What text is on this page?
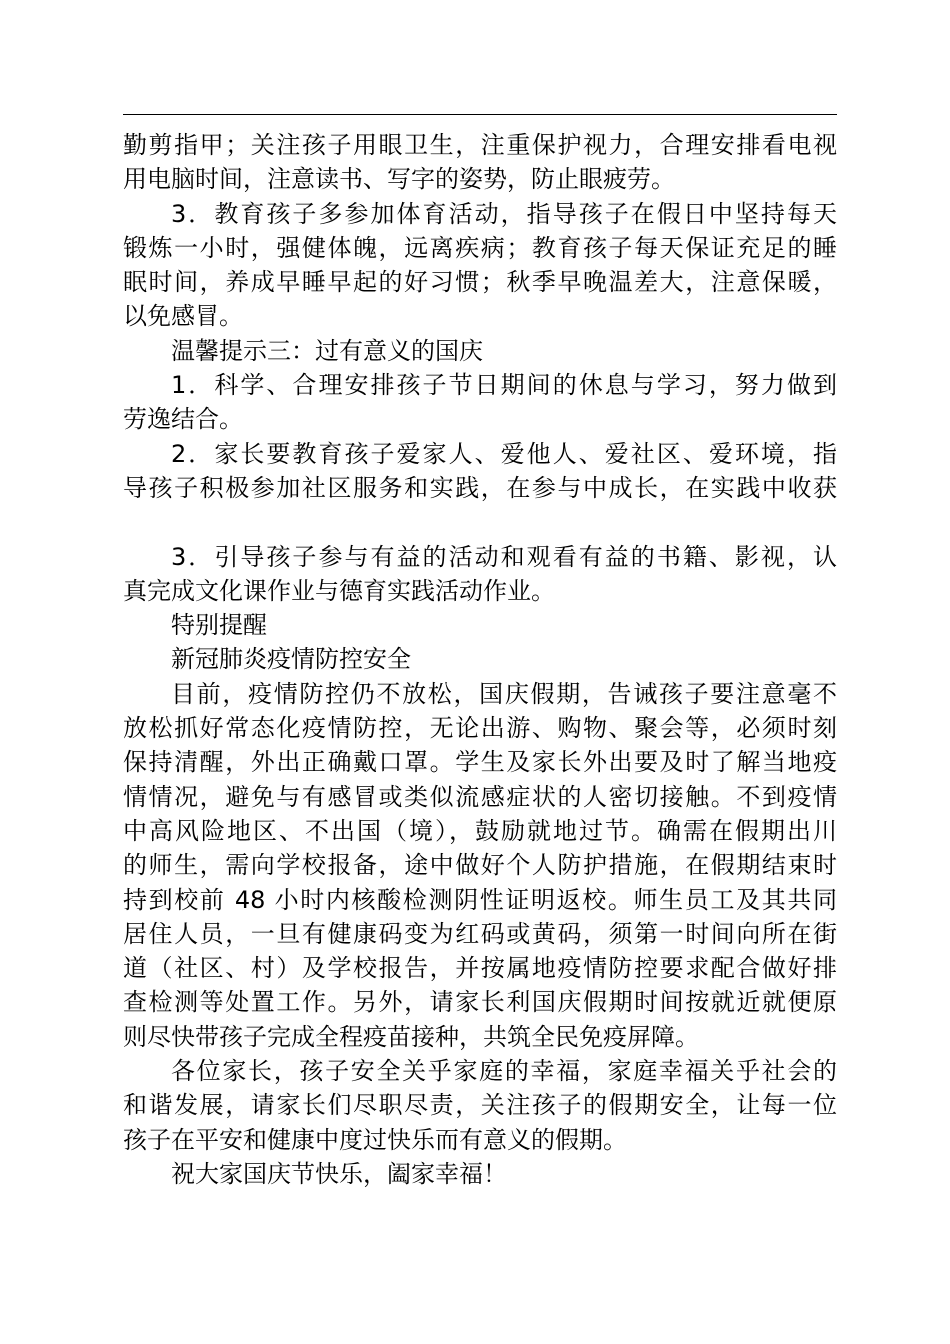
勤剪指甲；关注孩子用眼卫生，注重保护视力，合理安排看电视
用电脑时间，注意读书、写字的姿势，防止眼疲劳。
3．教育孩子多参加体育活动，指导孩子在假日中坚持每天
锻炼一小时，强健体魄，远离疾病；教育孩子每天保证充足的睡
眠时间，养成早睡早起的好习惯；秋季早晚温差大，注意保暖，
以免感冒。
温馨提示三：过有意义的国庆
1．科学、合理安排孩子节日期间的休息与学习，努力做到
劳逸结合。
2．家长要教育孩子爱家人、爱他人、爱社区、爱环境，指
导孩子积极参加社区服务和实践，在参与中成长，在实践中收获
3．引导孩子参与有益的活动和观看有益的书籍、影视，认
真完成文化课作业与德育实践活动作业。
特别提醒
新冠肺炎疫情防控安全
目前，疫情防控仍不放松，国庆假期，告诫孩子要注意毫不
放松抓好常态化疫情防控，无论出游、购物、聚会等，必须时刻
保持清醒，外出正确戴口罩。学生及家长外出要及时了解当地疫
情情况，避免与有感冒或类似流感症状的人密切接触。不到疫情
中高风险地区、不出国（境），鼓励就地过节。确需在假期出川
的师生，需向学校报备，途中做好个人防护措施，在假期结束时
持到校前 48 小时内核酸检测阴性证明返校。师生员工及其共同
居住人员，一旦有健康码变为红码或黄码，须第一时间向所在街
道（社区、村）及学校报告，并按属地疫情防控要求配合做好排
查检测等处置工作。另外，请家长利国庆假期时间按就近就便原
则尽快带孩子完成全程疫苗接种，共筑全民免疫屏障。
各位家长，孩子安全关乎家庭的幸福，家庭幸福关乎社会的
和谐发展，请家长们尽职尽责，关注孩子的假期安全，让每一位
孩子在平安和健康中度过快乐而有意义的假期。
祝大家国庆节快乐，阖家幸福！
